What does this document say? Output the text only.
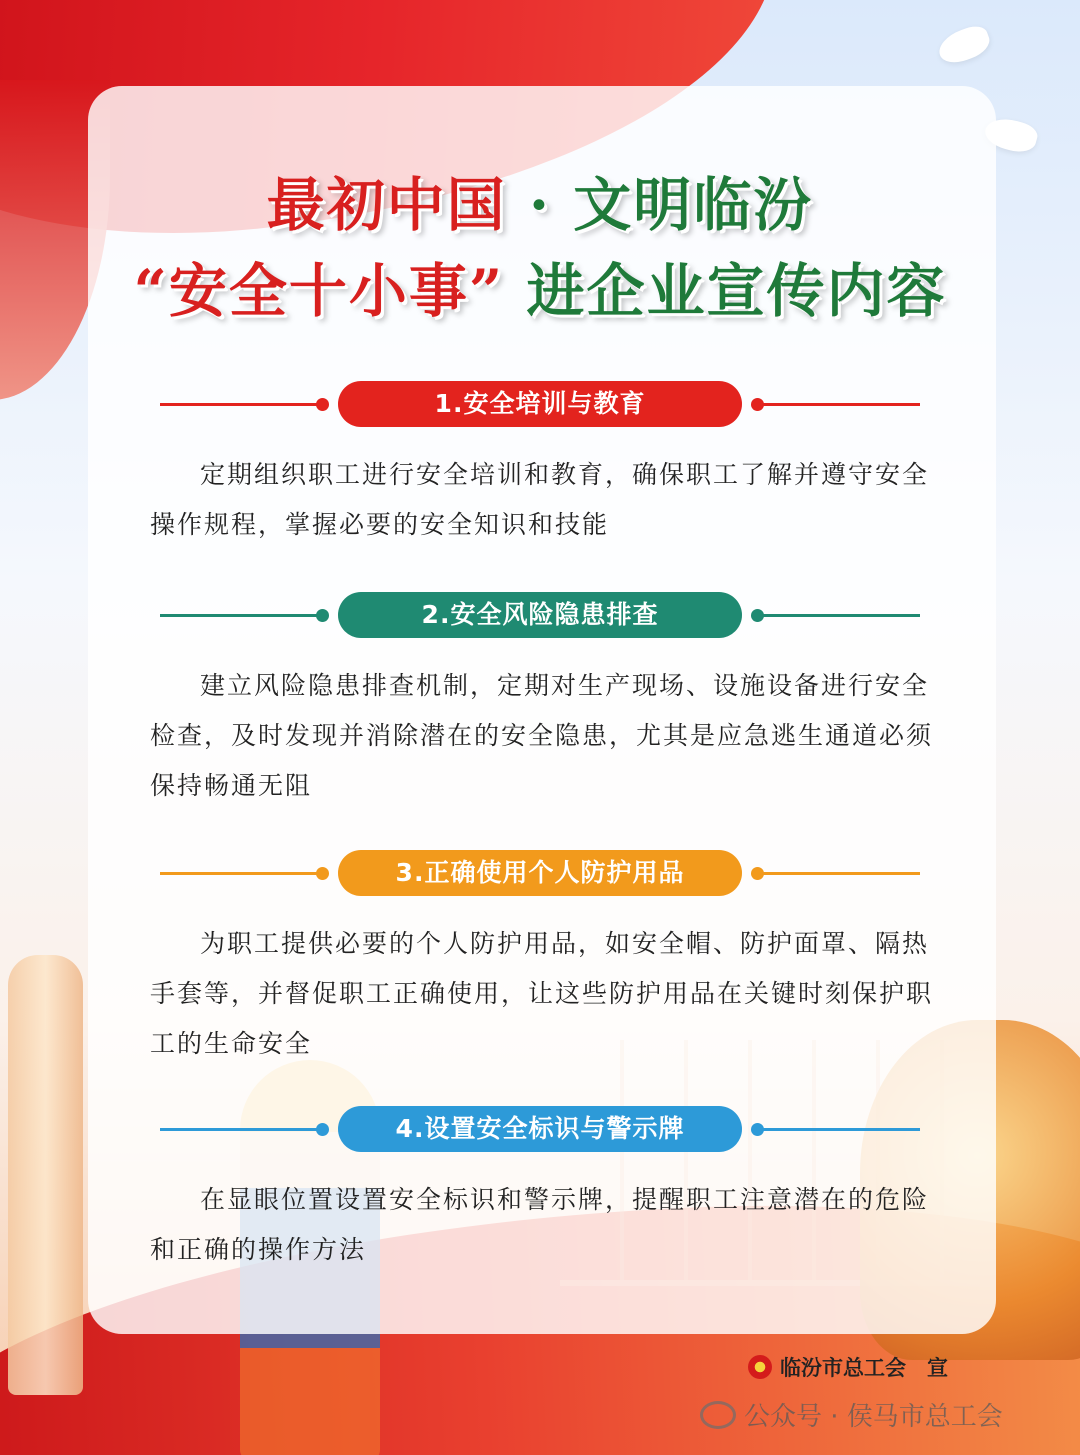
最初中国 · 文明临汾
“安全十小事” 进企业宣传内容
1.安全培训与教育
定期组织职工进行安全培训和教育，确保职工了解并遵守安全操作规程，掌握必要的安全知识和技能
2.安全风险隐患排查
建立风险隐患排查机制，定期对生产现场、设施设备进行安全检查，及时发现并消除潜在的安全隐患，尤其是应急逃生通道必须保持畅通无阻
3.正确使用个人防护用品
为职工提供必要的个人防护用品，如安全帽、防护面罩、隔热手套等，并督促职工正确使用，让这些防护用品在关键时刻保护职工的生命安全
4.设置安全标识与警示牌
在显眼位置设置安全标识和警示牌，提醒职工注意潜在的危险和正确的操作方法
临汾市总工会　宣
公众号 · 侯马市总工会
